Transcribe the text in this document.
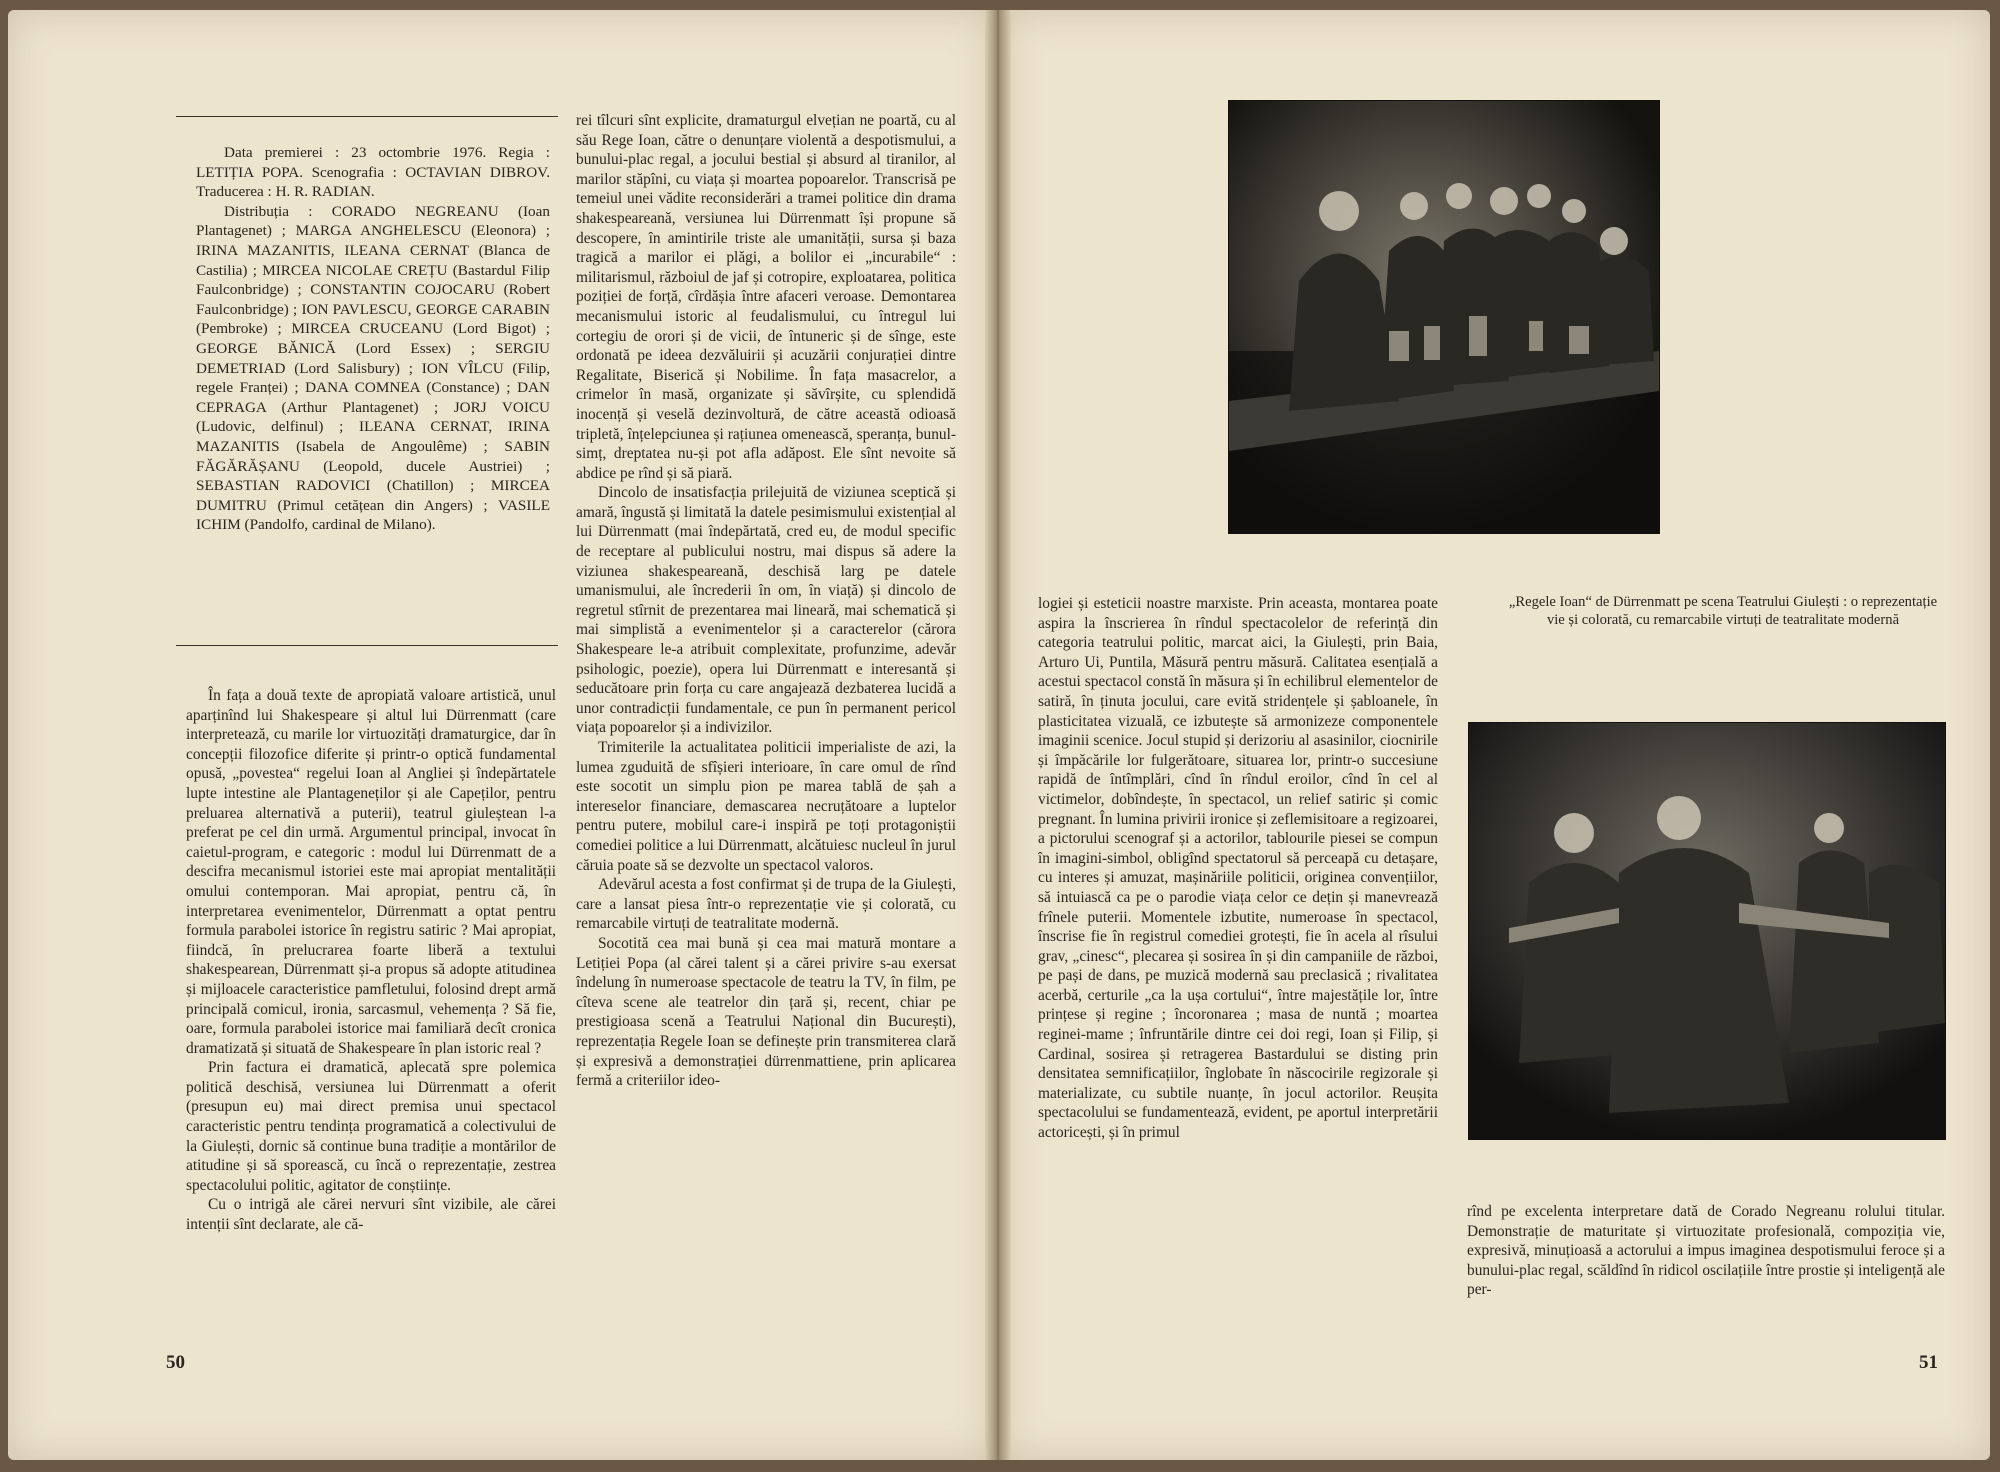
Data premierei : 23 octombrie 1976. Regia : LETIȚIA POPA. Scenografia : OCTAVIAN DIBROV. Traducerea : H. R. RADIAN.

Distribuția : CORADO NEGREANU (Ioan Plantagenet) ; MARGA ANGHELESCU (Eleonora) ; IRINA MAZANITIS, ILEANA CERNAT (Blanca de Castilia) ; MIRCEA NICOLAE CREȚU (Bastardul Filip Faulconbridge) ; CONSTANTIN COJOCARU (Robert Faulconbridge) ; ION PAVLESCU, GEORGE CARABIN (Pembroke) ; MIRCEA CRUCEANU (Lord Bigot) ; GEORGE BĂNICĂ (Lord Essex) ; SERGIU DEMETRIAD (Lord Salisbury) ; ION VÎLCU (Filip, regele Franței) ; DANA COMNEA (Constance) ; DAN CEPRAGA (Arthur Plantagenet) ; JORJ VOICU (Ludovic, delfinul) ; ILEANA CERNAT, IRINA MAZANITIS (Isabela de Angoulême) ; SABIN FĂGĂRĂȘANU (Leopold, ducele Austriei) ; SEBASTIAN RADOVICI (Chatillon) ; MIRCEA DUMITRU (Primul cetățean din Angers) ; VASILE ICHIM (Pandolfo, cardinal de Milano).

În fața a două texte de apropiată valoare artistică, unul aparținînd lui Shakespeare și altul lui Dürrenmatt (care interpretează, cu marile lor virtuozități dramaturgice, dar în concepții filozofice diferite și printr-o optică fundamental opusă, „povestea“ regelui Ioan al Angliei și îndepărtatele lupte intestine ale Plantageneților și ale Capeților, pentru preluarea alternativă a puterii), teatrul giuleștean l-a preferat pe cel din urmă. Argumentul principal, invocat în caietul-program, e categoric : modul lui Dürrenmatt de a descifra mecanismul istoriei este mai apropiat mentalității omului contemporan. Mai apropiat, pentru că, în interpretarea evenimentelor, Dürrenmatt a optat pentru formula parabolei istorice în registru satiric ? Mai apropiat, fiindcă, în prelucrarea foarte liberă a textului shakespearean, Dürrenmatt și-a propus să adopte atitudinea și mijloacele caracteristice pamfletului, folosind drept armă principală comicul, ironia, sarcasmul, vehemența ? Să fie, oare, formula parabolei istorice mai familiară decît cronica dramatizată și situată de Shakespeare în plan istoric real ?

Prin factura ei dramatică, aplecată spre polemica politică deschisă, versiunea lui Dürrenmatt a oferit (presupun eu) mai direct premisa unui spectacol caracteristic pentru tendința programatică a colectivului de la Giulești, dornic să continue buna tradiție a montărilor de atitudine și să sporească, cu încă o reprezentație, zestrea spectacolului politic, agitator de conștiințe.

Cu o intrigă ale cărei nervuri sînt vizibile, ale cărei intenții sînt declarate, ale că-

rei tîlcuri sînt explicite, dramaturgul elvețian ne poartă, cu al său Rege Ioan, către o denunțare violentă a despotismului, a bunului-plac regal, a jocului bestial și absurd al tiranilor, al marilor stăpîni, cu viața și moartea popoarelor. Transcrisă pe temeiul unei vădite reconsiderări a tramei politice din drama shakespeareană, versiunea lui Dürrenmatt își propune să descopere, în amintirile triste ale umanității, sursa și baza tragică a marilor ei plăgi, a bolilor ei „incurabile“ : militarismul, războiul de jaf și cotropire, exploatarea, politica poziției de forță, cîrdășia între afaceri veroase. Demontarea mecanismului istoric al feudalismului, cu întregul lui cortegiu de orori și de vicii, de întuneric și de sînge, este ordonată pe ideea dezvăluirii și acuzării conjurației dintre Regalitate, Biserică și Nobilime. În fața masacrelor, a crimelor în masă, organizate și săvîrșite, cu splendidă inocență și veselă dezinvoltură, de către această odioasă tripletă, înțelepciunea și rațiunea omenească, speranța, bunul-simț, dreptatea nu-și pot afla adăpost. Ele sînt nevoite să abdice pe rînd și să piară.

Dincolo de insatisfacția prilejuită de viziunea sceptică și amară, îngustă și limitată la datele pesimismului existențial al lui Dürrenmatt (mai îndepărtată, cred eu, de modul specific de receptare al publicului nostru, mai dispus să adere la viziunea shakespeareană, deschisă larg pe datele umanismului, ale încrederii în om, în viață) și dincolo de regretul stîrnit de prezentarea mai lineară, mai schematică și mai simplistă a evenimentelor și a caracterelor (cărora Shakespeare le-a atribuit complexitate, profunzime, adevăr psihologic, poezie), opera lui Dürrenmatt e interesantă și seducătoare prin forța cu care angajează dezbaterea lucidă a unor contradicții fundamentale, ce pun în permanent pericol viața popoarelor și a indivizilor.

Trimiterile la actualitatea politicii imperialiste de azi, la lumea zguduită de sfîșieri interioare, în care omul de rînd este socotit un simplu pion pe marea tablă de șah a intereselor financiare, demascarea necruțătoare a luptelor pentru putere, mobilul care-i inspiră pe toți protagoniștii comediei politice a lui Dürrenmatt, alcătuiesc nucleul în jurul căruia poate să se dezvolte un spectacol valoros.

Adevărul acesta a fost confirmat și de trupa de la Giulești, care a lansat piesa într-o reprezentație vie și colorată, cu remarcabile virtuți de teatralitate modernă.

Socotită cea mai bună și cea mai matură montare a Letiției Popa (al cărei talent și a cărei privire s-au exersat îndelung în numeroase spectacole de teatru la TV, în film, pe cîteva scene ale teatrelor din țară și, recent, chiar pe prestigioasa scenă a Teatrului Național din București), reprezentația Regele Ioan se definește prin transmiterea clară și expresivă a demonstrației dürrenmattiene, prin aplicarea fermă a criteriilor ideo-

50
„Regele Ioan“ de Dürrenmatt pe scena Teatrului Giulești : o reprezentație vie și colorată, cu remarcabile virtuți de teatralitate modernă

logiei și esteticii noastre marxiste. Prin aceasta, montarea poate aspira la înscrierea în rîndul spectacolelor de referință din categoria teatrului politic, marcat aici, la Giulești, prin Baia, Arturo Ui, Puntila, Măsură pentru măsură. Calitatea esențială a acestui spectacol constă în măsura și în echilibrul elementelor de satiră, în ținuta jocului, care evită stridențele și șabloanele, în plasticitatea vizuală, ce izbutește să armonizeze componentele imaginii scenice. Jocul stupid și derizoriu al asasinilor, ciocnirile și împăcările lor fulgerătoare, situarea lor, printr-o succesiune rapidă de întîmplări, cînd în rîndul eroilor, cînd în cel al victimelor, dobîndește, în spectacol, un relief satiric și comic pregnant. În lumina privirii ironice și zeflemisitoare a regizoarei, a pictorului scenograf și a actorilor, tablourile piesei se compun în imagini-simbol, obligînd spectatorul să perceapă cu detașare, cu interes și amuzat, mașinăriile politicii, originea convențiilor, să intuiască ca pe o parodie viața celor ce dețin și manevrează frînele puterii. Momentele izbutite, numeroase în spectacol, înscrise fie în registrul comediei grotești, fie în acela al rîsului grav, „cinesc“, plecarea și sosirea în și din campaniile de război, pe pași de dans, pe muzică modernă sau preclasică ; rivalitatea acerbă, certurile „ca la ușa cortului“, între majestățile lor, între prințese și regine ; încoronarea ; masa de nuntă ; moartea reginei-mame ; înfruntările dintre cei doi regi, Ioan și Filip, și Cardinal, sosirea și retragerea Bastardului se disting prin densitatea semnificațiilor, înglobate în născocirile regizorale și materializate, cu subtile nuanțe, în jocul actorilor. Reușita spectacolului se fundamentează, evident, pe aportul interpretării actoricești, și în primul

rînd pe excelenta interpretare dată de Corado Negreanu rolului titular. Demonstrație de maturitate și virtuozitate profesională, compoziția vie, expresivă, minuțioasă a actorului a impus imaginea despotismului feroce și a bunului-plac regal, scăldînd în ridicol oscilațiile între prostie și inteligență ale per-

51
